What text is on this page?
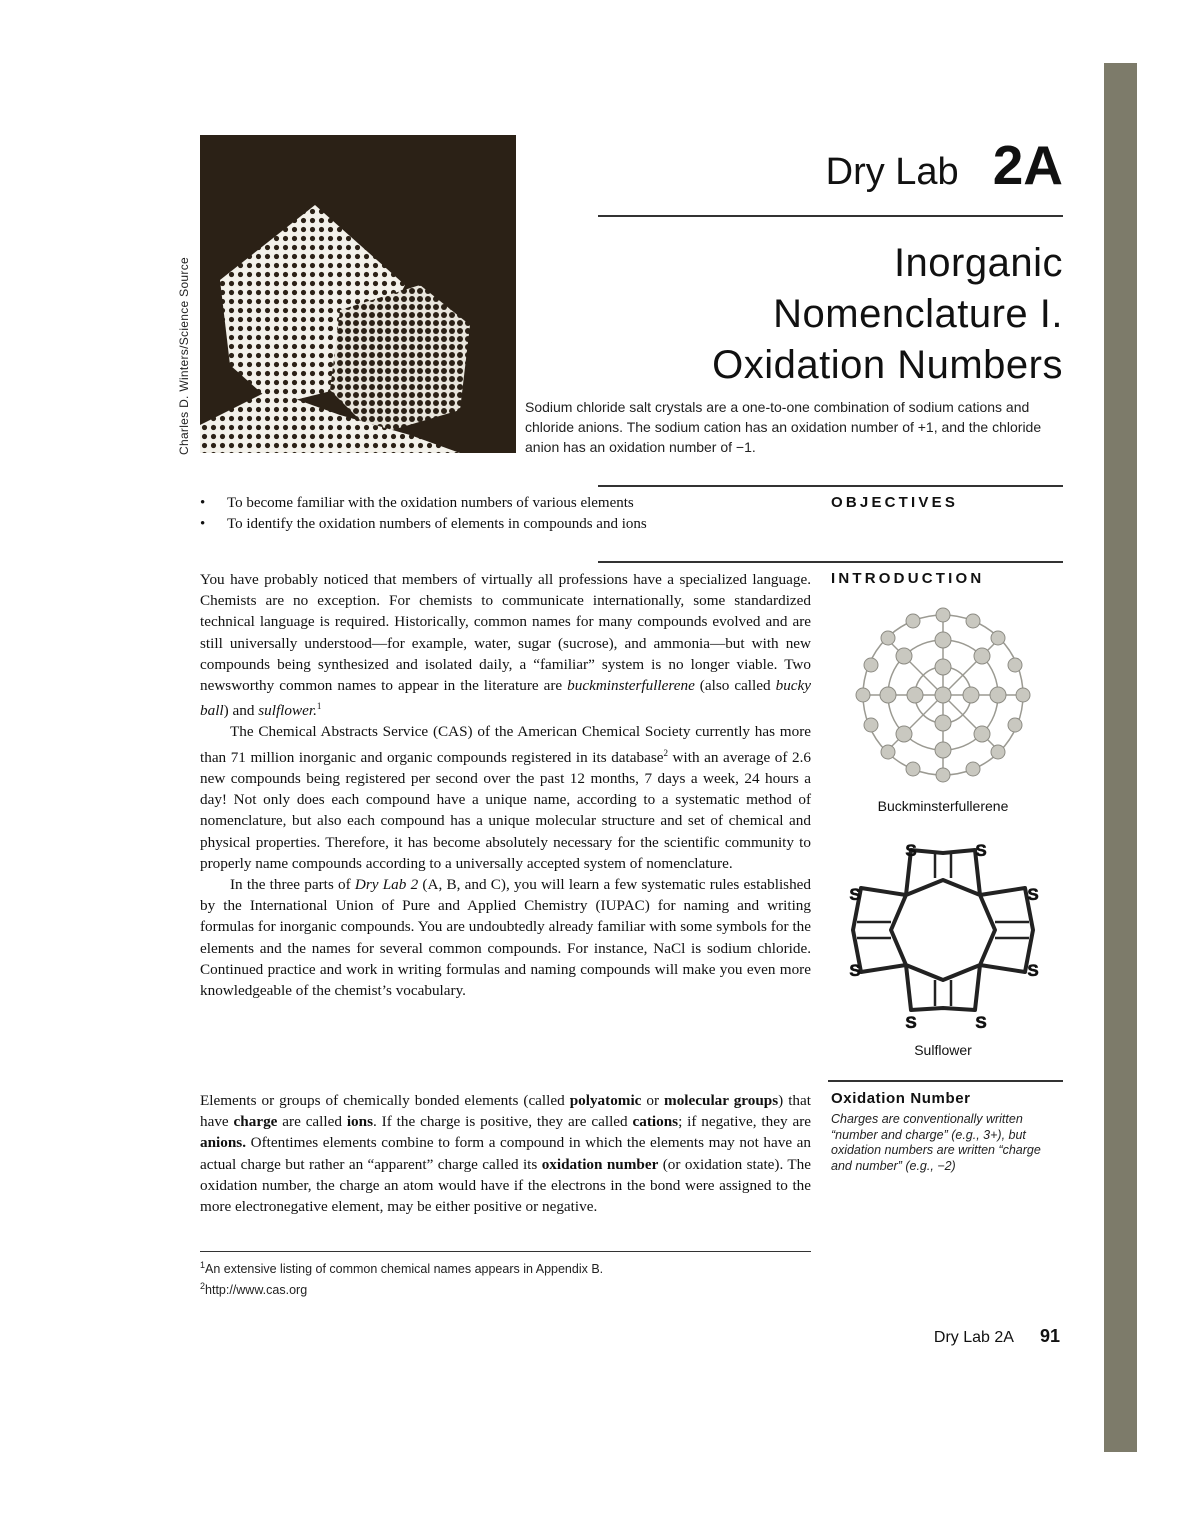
Charles D. Winters/Science Source
Dry Lab 2A
Inorganic
Nomenclature I.
Oxidation Numbers
Sodium chloride salt crystals are a one-to-one combination of sodium cations and chloride anions. The sodium cation has an oxidation number of +1, and the chloride anion has an oxidation number of −1.
• To become familiar with the oxidation numbers of various elements
• To identify the oxidation numbers of elements in compounds and ions
OBJECTIVES
INTRODUCTION

You have probably noticed that members of virtually all professions have a specialized language. Chemists are no exception. For chemists to communicate internationally, some standardized technical language is required. Historically, common names for many compounds evolved and are still universally understood—for example, water, sugar (sucrose), and ammonia—but with new compounds being synthesized and isolated daily, a “familiar” system is no longer viable. Two newsworthy common names to appear in the literature are buckminsterfullerene (also called bucky ball) and sulflower.$^1$

The Chemical Abstracts Service (CAS) of the American Chemical Society currently has more than 71 million inorganic and organic compounds registered in its database$^2$ with an average of 2.6 new compounds being registered per second over the past 12 months, 7 days a week, 24 hours a day! Not only does each compound have a unique name, according to a systematic method of nomenclature, but also each compound has a unique molecular structure and set of chemical and physical properties. Therefore, it has become absolutely necessary for the scientific community to properly name compounds according to a universally accepted system of nomenclature.

In the three parts of Dry Lab 2 (A, B, and C), you will learn a few systematic rules established by the International Union of Pure and Applied Chemistry (IUPAC) for naming and writing formulas for inorganic compounds. You are undoubtedly already familiar with some symbols for the elements and the names for several common compounds. For instance, NaCl is sodium chloride. Continued practice and work in writing formulas and naming compounds will make you even more knowledgeable of the chemist’s vocabulary.

Buckminsterfullerene
S	S
S
S
S
S
S
S
Sulflower
Oxidation Number
Charges are conventionally written “number and charge” (e.g., 3+), but oxidation numbers are written “charge and number” (e.g., −2)

Elements or groups of chemically bonded elements (called polyatomic or molecular groups) that have charge are called ions. If the charge is positive, they are called cations; if negative, they are anions. Oftentimes elements combine to form a compound in which the elements may not have an actual charge but rather an “apparent” charge called its oxidation number (or oxidation state). The oxidation number, the charge an atom would have if the electrons in the bond were assigned to the more electronegative element, may be either positive or negative.

$^1$An extensive listing of common chemical names appears in Appendix B.
$^2$http://www.cas.org
Dry Lab 2A 91
